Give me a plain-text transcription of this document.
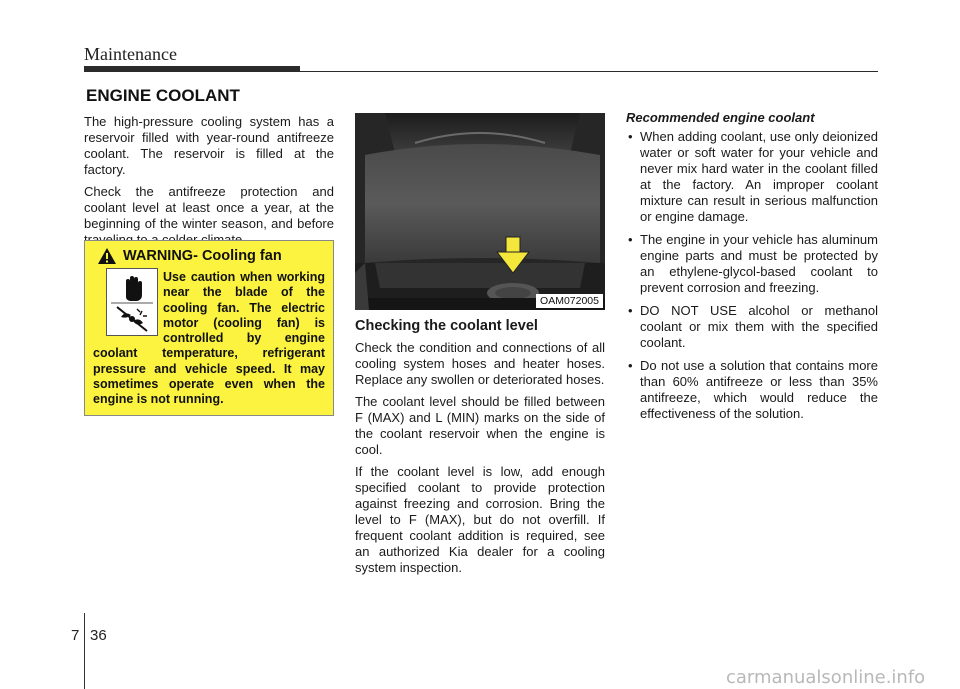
Maintenance
ENGINE COOLANT

The high-pressure cooling system has a reservoir filled with year-round antifreeze coolant. The reservoir is filled at the factory.

Check the antifreeze protection and coolant level at least once a year, at the beginning of the winter season, and before

WARNING - Cooling fan

Use caution when working near the blade of the cooling fan. The electric motor (cooling fan) is controlled by engine coolant temperature, refrigerant pressure and vehicle speed. It may sometimes operate even when the engine is not running.

OAM072005
Checking the coolant level

Check the condition and connections of all cooling system hoses and heater hoses. Replace any swollen or deteriorated hoses.

The coolant level should be filled between F (MAX) and L (MIN) marks on the side of the coolant reservoir when the engine is cool.

If the coolant level is low, add enough specified coolant to provide protection against freezing and corrosion. Bring the level to F (MAX), but do not overfill. If frequent coolant addition is required, see an authorized Kia dealer for a cooling system inspection.

Recommended engine coolant
• When adding coolant, use only deionized water or soft water for your vehicle and never mix hard water in the coolant filled at the factory. An improper coolant mixture can result in serious malfunction or engine damage.
• The engine in your vehicle has aluminum engine parts and must be protected by an ethylene-glycol-based coolant to prevent corrosion and freezing.
• DO NOT USE alcohol or methanol coolant or mix them with the specified coolant.
• Do not use a solution that contains more than 60% antifreeze or less than 35% antifreeze, which would reduce the effectiveness of the solution.
7 36
carmanualsonline.info
